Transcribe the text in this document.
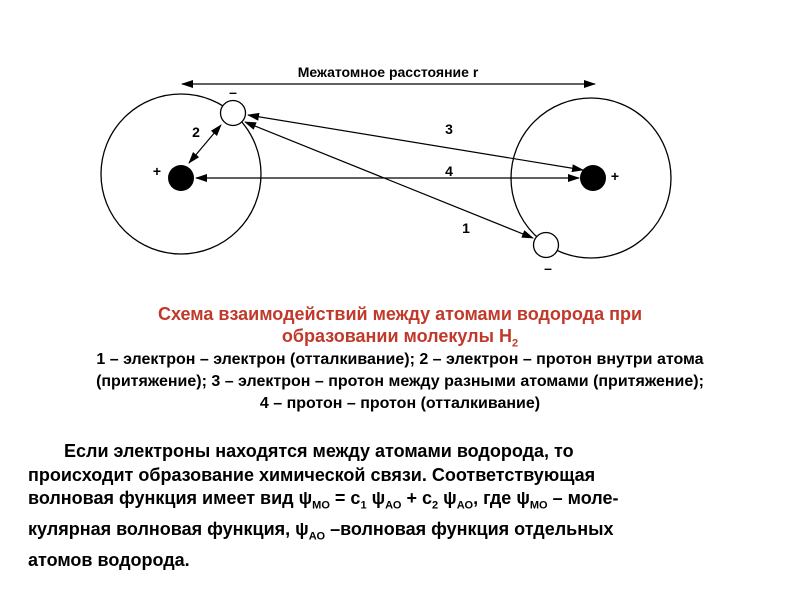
Межатомное расстояние r
–
–
+	+
1
2	3
4
Схема взаимодействий между атомами водорода при
образовании молекулы $Н_2$
1 – электрон – электрон (отталкивание); 2 – электрон – протон внутри атома
(притяжение); 3 – электрон – протон между разными атомами (притяжение);
4 – протон – протон (отталкивание)
Если электроны находятся между атомами водорода, то
происходит образование химической связи. Соответствующая
волновая функция имеет вид $\psi_{МО} = с_1$ $\psi_{АО} + с_2$ $\psi_{АО}$, где $\psi_{МО}$ – моле-
кулярная волновая функция, $\psi_{АО}$ –волновая функция отдельных
атомов водорода.
